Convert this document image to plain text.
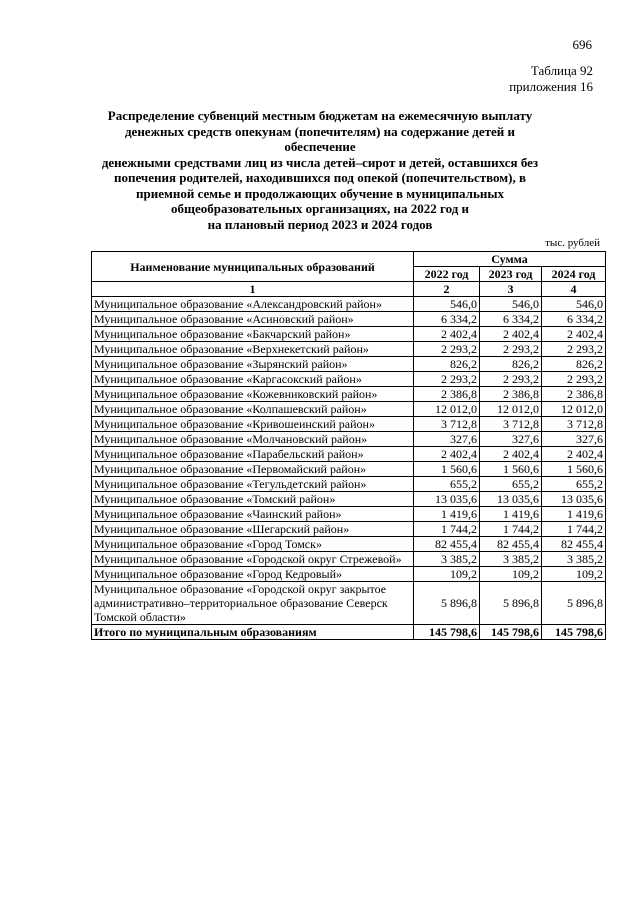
696
Таблица 92
приложения 16
Распределение субвенций местным бюджетам на ежемесячную выплату
денежных средств опекунам (попечителям) на содержание детей и обеспечение
денежными средствами лиц из числа детей–сирот и детей, оставшихся без
попечения родителей, находившихся под опекой (попечительством), в
приемной семье и продолжающих обучение в муниципальных
общеобразовательных организациях, на 2022 год и
на плановый период 2023 и 2024 годов
тыс. рублей
Наименование муниципальных образований	Сумма		
	2022 год	2023 год	2024 год
1	2	3	4
Муниципальное образование «Александровский район»	546,0	546,0	546,0
Муниципальное образование «Асиновский район»	6 334,2	6 334,2	6 334,2
Муниципальное образование «Бакчарский район»	2 402,4	2 402,4	2 402,4
Муниципальное образование «Верхнекетский район»	2 293,2	2 293,2	2 293,2
Муниципальное образование «Зырянский район»	826,2	826,2	826,2
Муниципальное образование «Каргасокский район»	2 293,2	2 293,2	2 293,2
Муниципальное образование «Кожевниковский район»	2 386,8	2 386,8	2 386,8
Муниципальное образование «Колпашевский район»	12 012,0	12 012,0	12 012,0
Муниципальное образование «Кривошеинский район»	3 712,8	3 712,8	3 712,8
Муниципальное образование «Молчановский район»	327,6	327,6	327,6
Муниципальное образование «Парабельский район»	2 402,4	2 402,4	2 402,4
Муниципальное образование «Первомайский район»	1 560,6	1 560,6	1 560,6
Муниципальное образование «Тегульдетский район»	655,2	655,2	655,2
Муниципальное образование «Томский район»	13 035,6	13 035,6	13 035,6
Муниципальное образование «Чаинский район»	1 419,6	1 419,6	1 419,6
Муниципальное образование «Шегарский район»	1 744,2	1 744,2	1 744,2
Муниципальное образование «Город Томск»	82 455,4	82 455,4	82 455,4
Муниципальное образование «Городской округ Стрежевой»	3 385,2	3 385,2	3 385,2
Муниципальное образование «Город Кедровый»	109,2	109,2	109,2
Муниципальное образование «Городской округ закрытое административно–территориальное образование Северск Томской области»	5 896,8	5 896,8	5 896,8
Итого по муниципальным образованиям	145 798,6	145 798,6	145 798,6
